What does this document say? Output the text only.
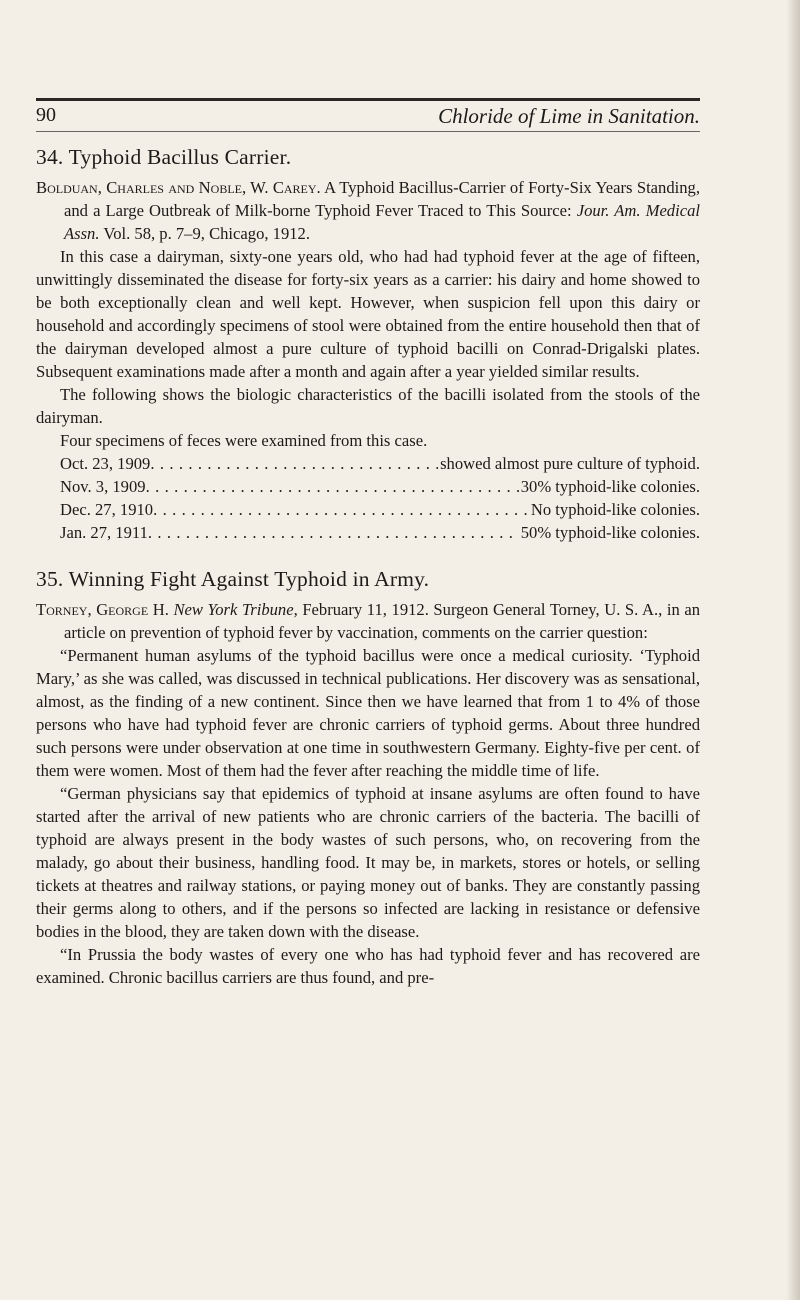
90	Chloride of Lime in Sanitation.
34. Typhoid Bacillus Carrier.

Bolduan, Charles and Noble, W. Carey. A Typhoid Bacillus-Carrier of Forty-Six Years Standing, and a Large Outbreak of Milk-borne Typhoid Fever Traced to This Source: Jour. Am. Medical Assn. Vol. 58, p. 7–9, Chicago, 1912.

In this case a dairyman, sixty-one years old, who had had typhoid fever at the age of fifteen, unwittingly disseminated the disease for forty-six years as a carrier: his dairy and home showed to be both exceptionally clean and well kept. However, when suspicion fell upon this dairy or household and accordingly specimens of stool were obtained from the entire household then that of the dairyman developed almost a pure culture of typhoid bacilli on Conrad-Drigalski plates. Subsequent examinations made after a month and again after a year yielded similar results.

The following shows the biologic characteristics of the bacilli isolated from the stools of the dairyman.

Four specimens of feces were examined from this case.

Oct. 23, 1909 . . .	showed almost pure culture of typhoid.
Nov. 3, 1909 . . .	30% typhoid-like colonies.
Dec. 27, 1910 . . .	No typhoid-like colonies.
Jan. 27, 1911 . . .	50% typhoid-like colonies.
35. Winning Fight Against Typhoid in Army.

Torney, George H. New York Tribune, February 11, 1912. Surgeon General Torney, U. S. A., in an article on prevention of typhoid fever by vaccination, comments on the carrier question:

“Permanent human asylums of the typhoid bacillus were once a medical curiosity. ‘Typhoid Mary,’ as she was called, was discussed in technical publications. Her discovery was as sensational, almost, as the finding of a new continent. Since then we have learned that from 1 to 4% of those persons who have had typhoid fever are chronic carriers of typhoid germs. About three hundred such persons were under observation at one time in southwestern Germany. Eighty-five per cent. of them were women. Most of them had the fever after reaching the middle time of life.

“German physicians say that epidemics of typhoid at insane asylums are often found to have started after the arrival of new patients who are chronic carriers of the bacteria. The bacilli of typhoid are always present in the body wastes of such persons, who, on recovering from the malady, go about their business, handling food. It may be, in markets, stores or hotels, or selling tickets at theatres and railway stations, or paying money out of banks. They are constantly passing their germs along to others, and if the persons so infected are lacking in resistance or defensive bodies in the blood, they are taken down with the disease.

“In Prussia the body wastes of every one who has had typhoid fever and has recovered are examined. Chronic bacillus carriers are thus found, and pre-
